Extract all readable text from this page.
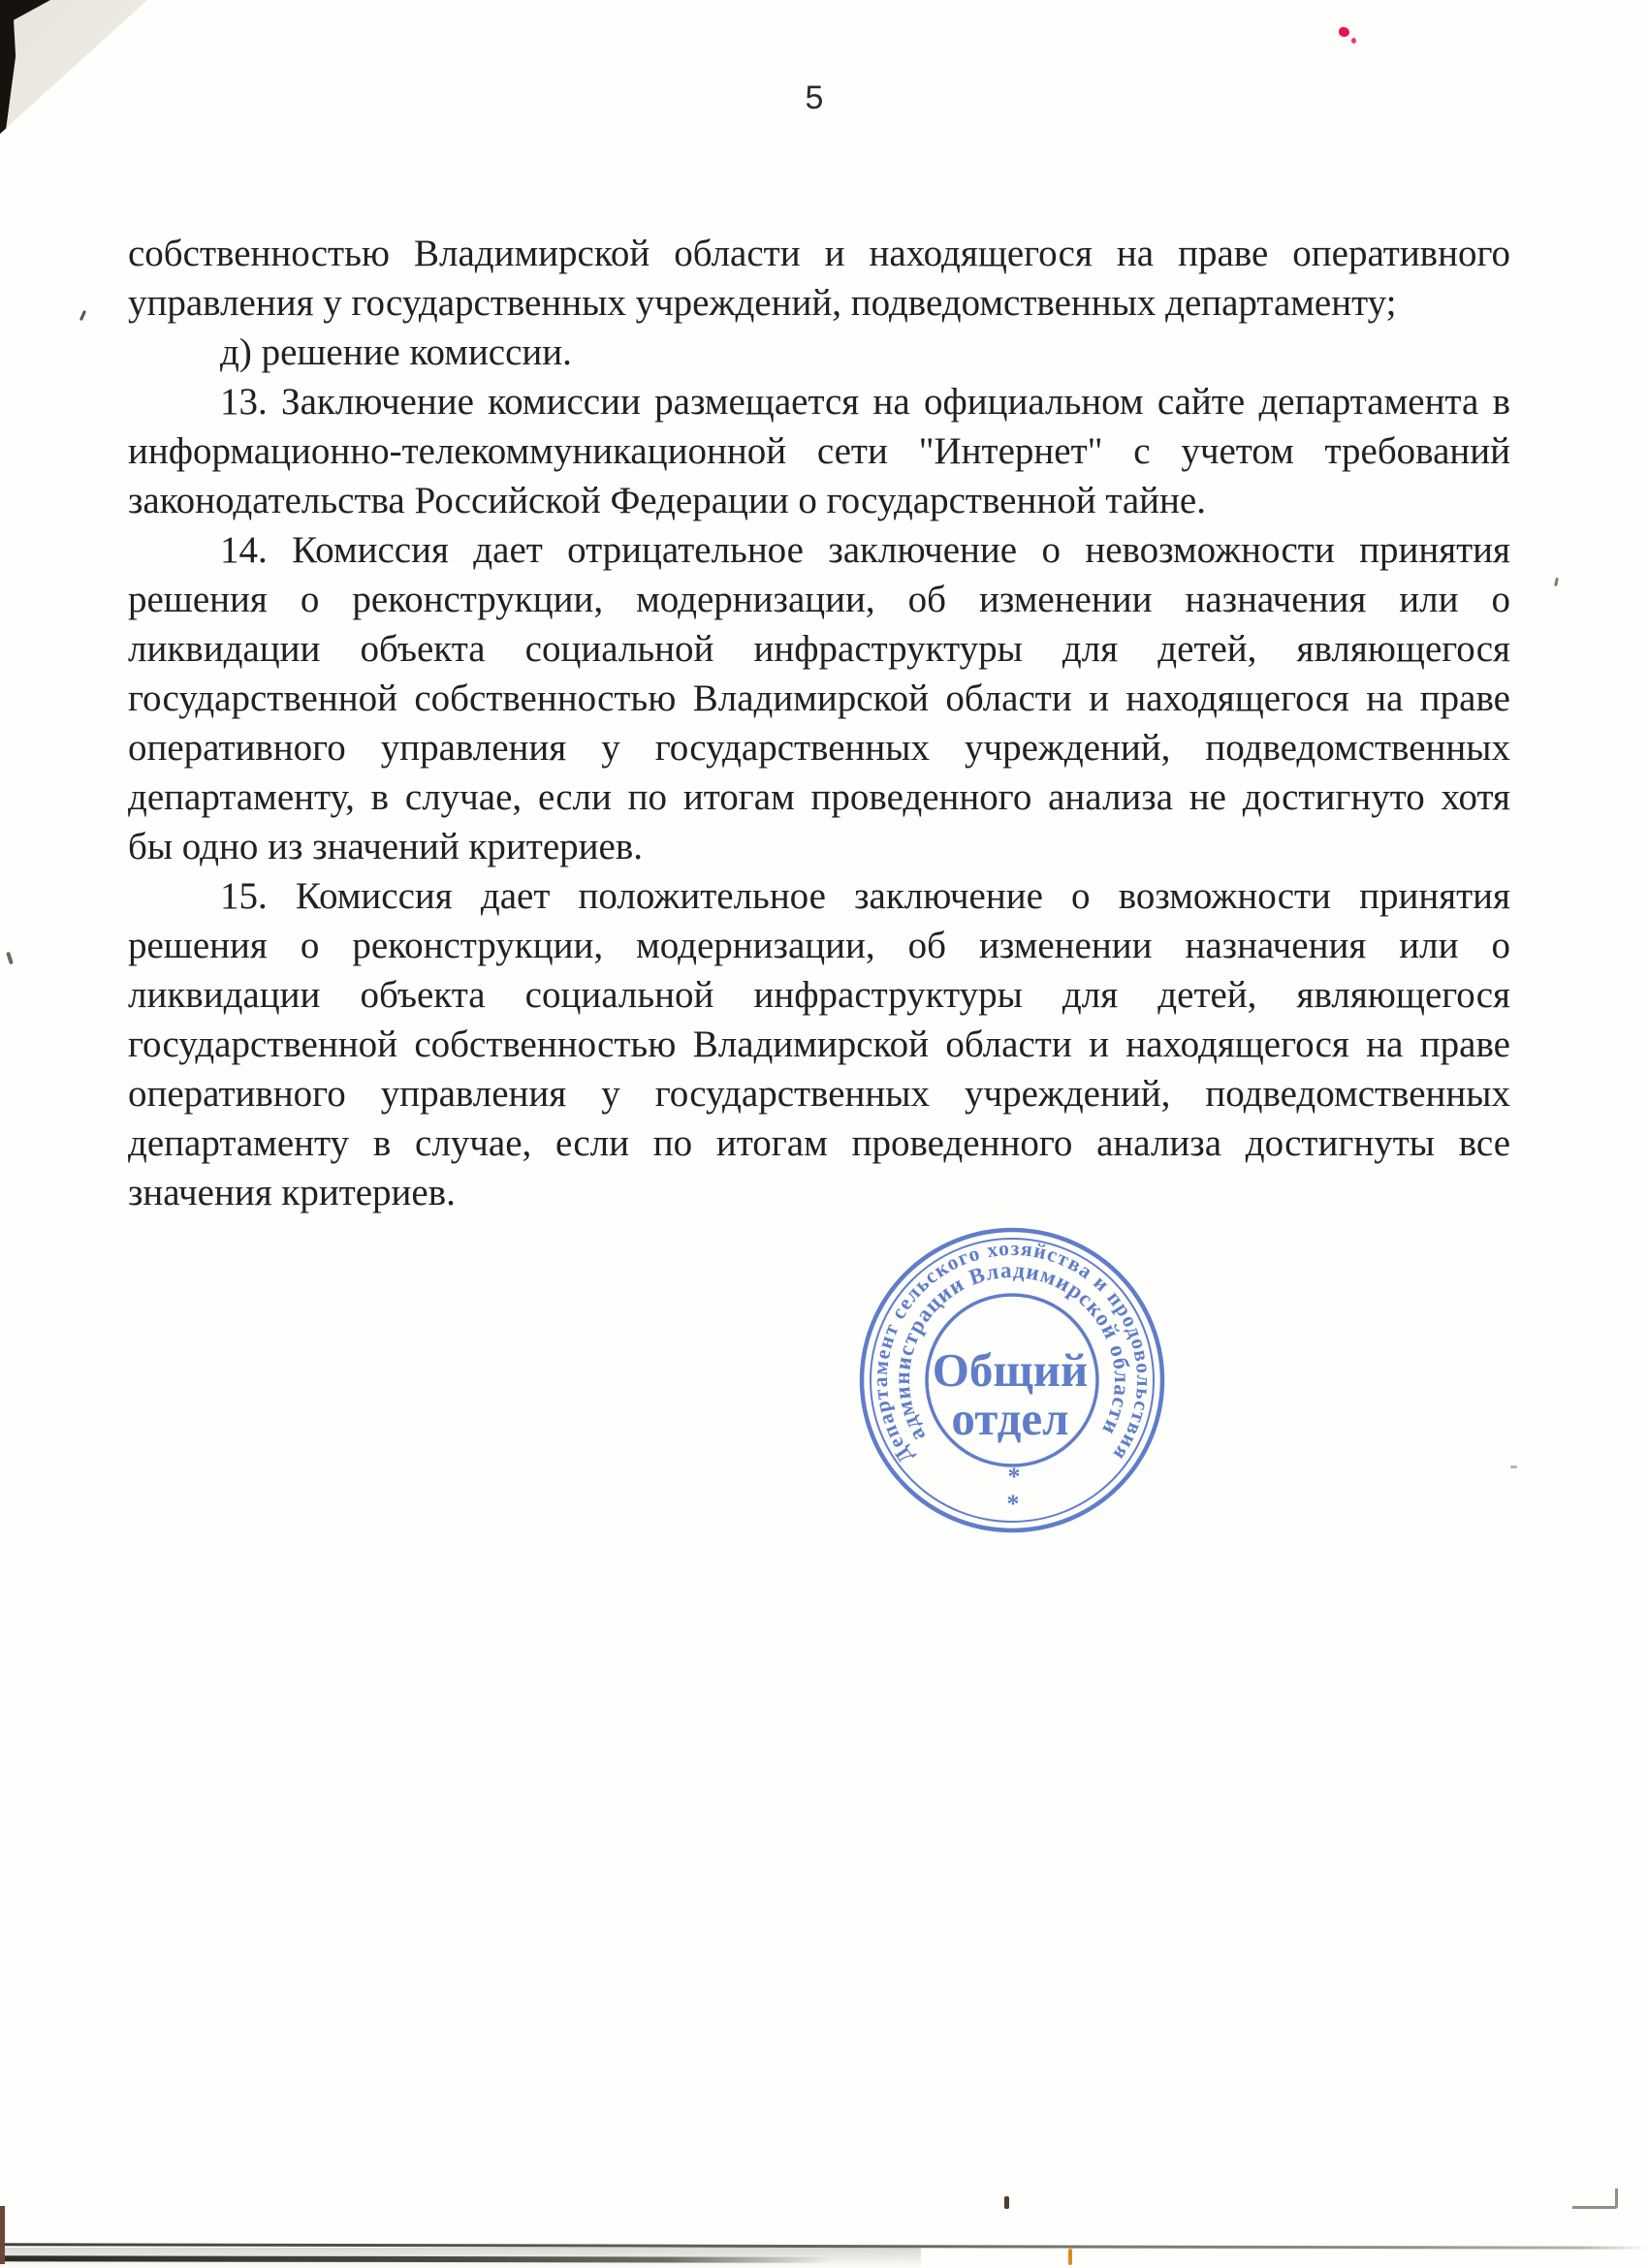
5
собственностью Владимирской области и находящегося на праве оперативного
управления у государственных учреждений, подведомственных департаменту;
д) решение комиссии.
13. Заключение комиссии размещается на официальном сайте департамента в
информационно-телекоммуникационной сети "Интернет" с учетом требований
законодательства Российской Федерации о государственной тайне.
14. Комиссия дает отрицательное заключение о невозможности принятия
решения о реконструкции, модернизации, об изменении назначения или о
ликвидации объекта социальной инфраструктуры для детей, являющегося
государственной собственностью Владимирской области и находящегося на праве
оперативного управления у государственных учреждений, подведомственных
департаменту, в случае, если по итогам проведенного анализа не достигнуто хотя
бы одно из значений критериев.
15. Комиссия дает положительное заключение о возможности принятия
решения о реконструкции, модернизации, об изменении назначения или о
ликвидации объекта социальной инфраструктуры для детей, являющегося
государственной собственностью Владимирской области и находящегося на праве
оперативного управления у государственных учреждений, подведомственных
департаменту в случае, если по итогам проведенного анализа достигнуты все
значения критериев.
Департамент сельского хозяйства и продовольствия
администрации Владимирской области
Общий
отдел
*
*
